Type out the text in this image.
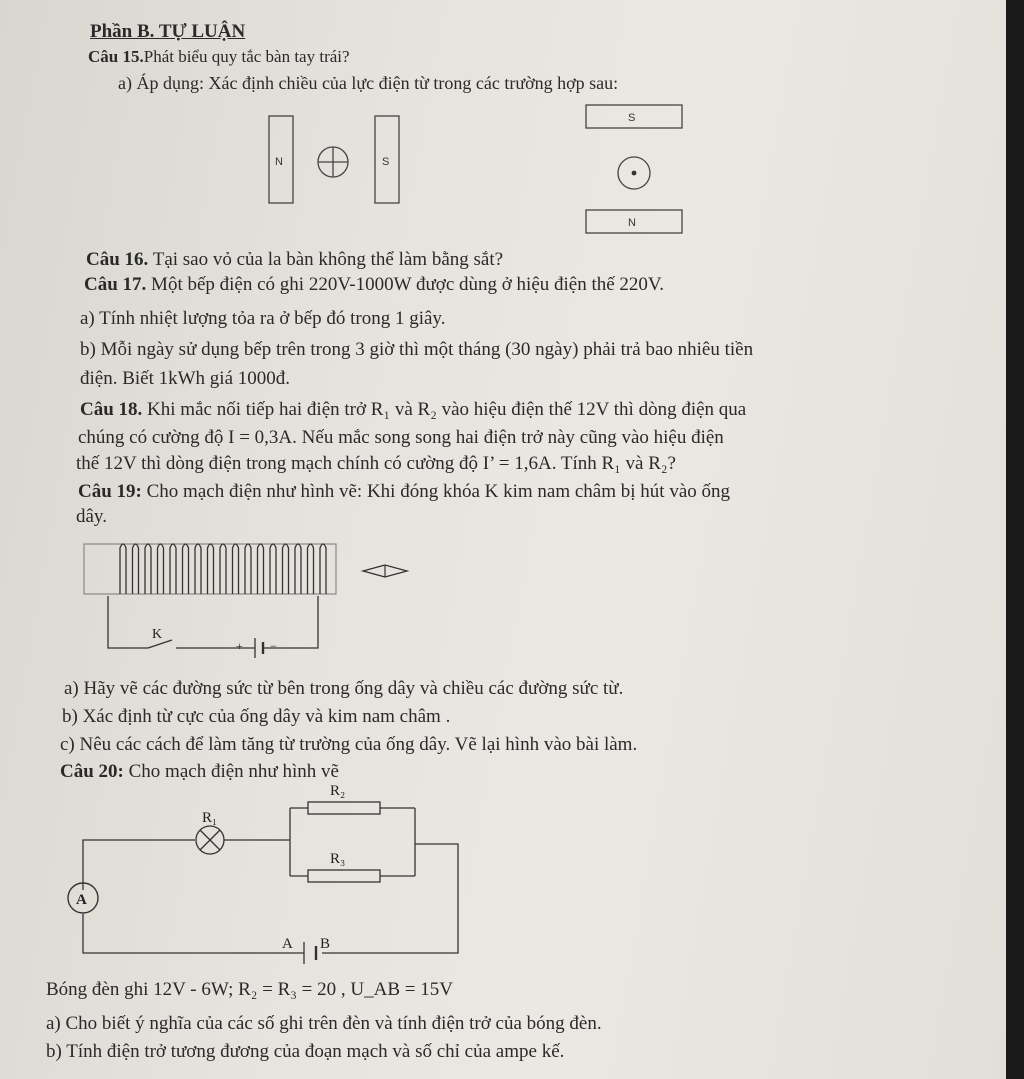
Phần B. TỰ LUẬN
Câu 15.Phát biểu quy tắc bàn tay trái?
a) Áp dụng: Xác định chiều của lực điện từ trong các trường hợp sau:
N	S
S
N
Câu 16. Tại sao vỏ của la bàn không thể làm bằng sắt?
Câu 17. Một bếp điện có ghi 220V-1000W được dùng ở hiệu điện thế 220V.
a) Tính nhiệt lượng tỏa ra ở bếp đó trong 1 giây.
b) Mỗi ngày sử dụng bếp trên trong 3 giờ thì một tháng (30 ngày) phải trả bao nhiêu tiền
điện. Biết 1kWh giá 1000đ.
Câu 18. Khi mắc nối tiếp hai điện trở R₁ và R₂ vào hiệu điện thế 12V thì dòng điện qua
chúng có cường độ I = 0,3A. Nếu mắc song song hai điện trở này cũng vào hiệu điện
thế 12V thì dòng điện trong mạch chính có cường độ I’ = 1,6A. Tính R₁ và R₂?
Câu 19: Cho mạch điện như hình vẽ: Khi đóng khóa K kim nam châm bị hút vào ống
dây.
K
+ −
a) Hãy vẽ các đường sức từ bên trong ống dây và chiều các đường sức từ.
b) Xác định từ cực của ống dây và kim nam châm .
c) Nêu các cách để làm tăng từ trường của ống dây. Vẽ lại hình vào bài làm.
Câu 20: Cho mạch điện như hình vẽ
A
R₁
R₂
R₃
A B
Bóng đèn ghi 12V - 6W; R₂ = R₃ = 20 , U_AB = 15V
a) Cho biết ý nghĩa của các số ghi trên đèn và tính điện trở của bóng đèn.
b) Tính điện trở tương đương của đoạn mạch và số chỉ của ampe kế.
